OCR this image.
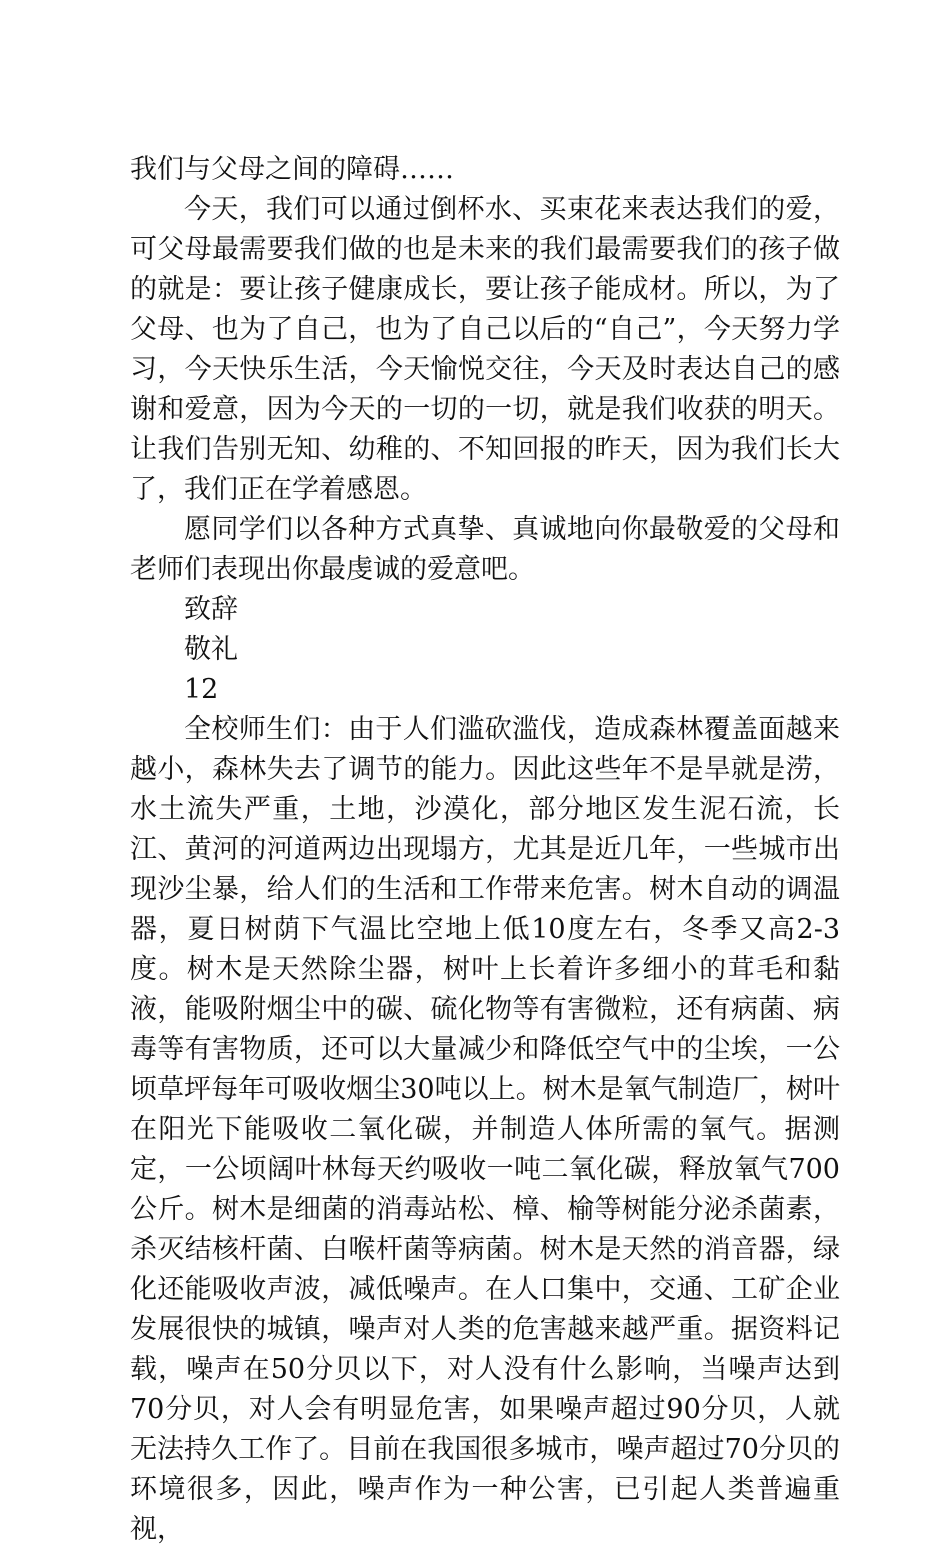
我们与父母之间的障碍……

今天，我们可以通过倒杯水、买束花来表达我们的爱，可父母最需要我们做的也是未来的我们最需要我们的孩子做的就是：要让孩子健康成长，要让孩子能成材。所以，为了父母、也为了自己，也为了自己以后的“自己”，今天努力学习，今天快乐生活，今天愉悦交往，今天及时表达自己的感谢和爱意，因为今天的一切的一切，就是我们收获的明天。让我们告别无知、幼稚的、不知回报的昨天，因为我们长大了，我们正在学着感恩。

愿同学们以各种方式真挚、真诚地向你最敬爱的父母和老师们表现出你最虔诚的爱意吧。

致辞

敬礼

12

全校师生们：由于人们滥砍滥伐，造成森林覆盖面越来越小，森林失去了调节的能力。因此这些年不是旱就是涝，水土流失严重，土地，沙漠化，部分地区发生泥石流，长江、黄河的河道两边出现塌方，尤其是近几年，一些城市出现沙尘暴，给人们的生活和工作带来危害。树木自动的调温器，夏日树荫下气温比空地上低10度左右，冬季又高2-3度。树木是天然除尘器，树叶上长着许多细小的茸毛和黏液，能吸附烟尘中的碳、硫化物等有害微粒，还有病菌、病毒等有害物质，还可以大量减少和降低空气中的尘埃，一公顷草坪每年可吸收烟尘30吨以上。树木是氧气制造厂，树叶在阳光下能吸收二氧化碳，并制造人体所需的氧气。据测定，一公顷阔叶林每天约吸收一吨二氧化碳，释放氧气700公斤。树木是细菌的消毒站松、樟、榆等树能分泌杀菌素，杀灭结核杆菌、白喉杆菌等病菌。树木是天然的消音器，绿化还能吸收声波，减低噪声。在人口集中，交通、工矿企业发展很快的城镇，噪声对人类的危害越来越严重。据资料记载，噪声在50分贝以下，对人没有什么影响，当噪声达到70分贝，对人会有明显危害，如果噪声超过90分贝，人就无法持久工作了。目前在我国很多城市，噪声超过70分贝的环境很多，因此，噪声作为一种公害，已引起人类普遍重视，
